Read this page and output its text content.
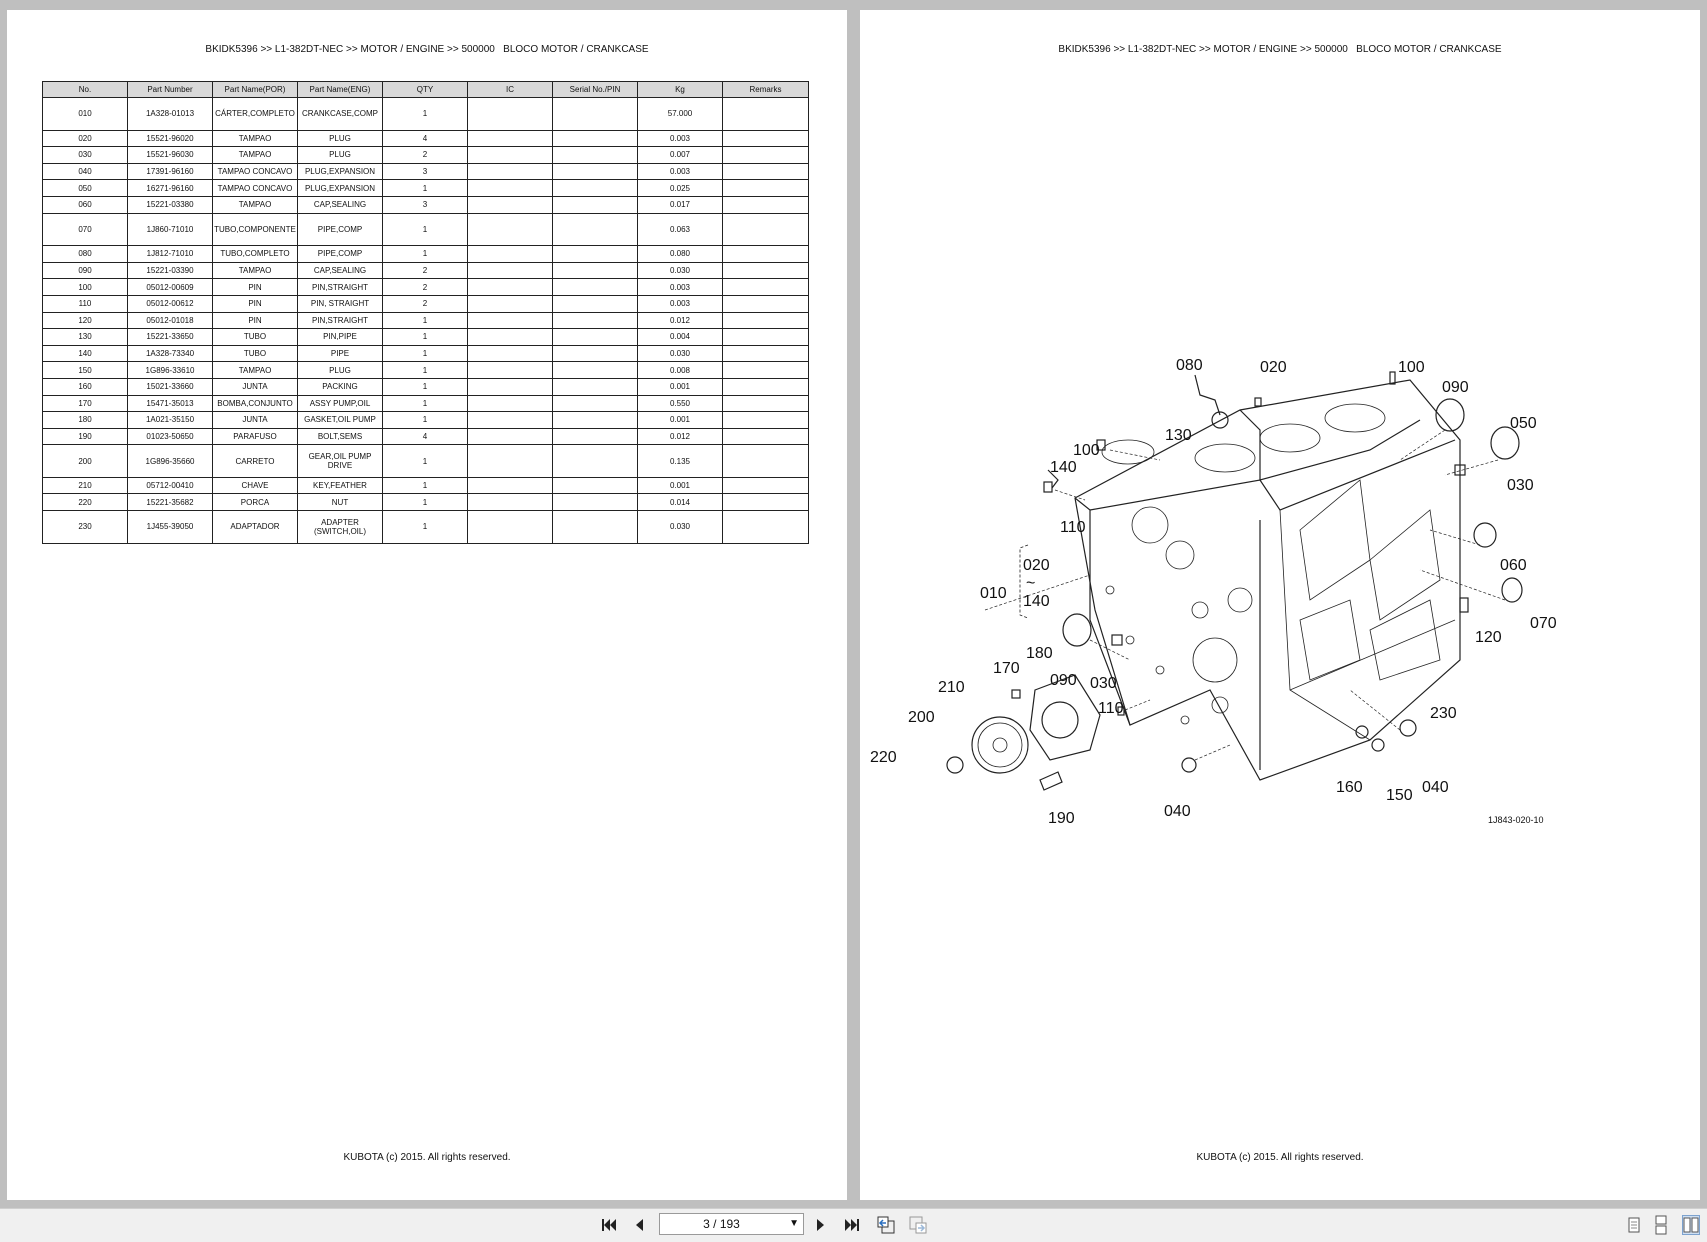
BKIDK5396 >> L1-382DT-NEC >> MOTOR / ENGINE >> 500000   BLOCO MOTOR / CRANKCASE
No.	Part Number	Part Name(POR)	Part Name(ENG)	QTY	IC	Serial No./PIN	Kg	Remarks
010	1A328-01013	CÁRTER,COMPLETO	CRANKCASE,COMP	1			57.000	
020	15521-96020	TAMPAO	PLUG	4			0.003	
030	15521-96030	TAMPAO	PLUG	2			0.007	
040	17391-96160	TAMPAO CONCAVO	PLUG,EXPANSION	3			0.003	
050	16271-96160	TAMPAO CONCAVO	PLUG,EXPANSION	1			0.025	
060	15221-03380	TAMPAO	CAP,SEALING	3			0.017	
070	1J860-71010	TUBO,COMPONENTE	PIPE,COMP	1			0.063	
080	1J812-71010	TUBO,COMPLETO	PIPE,COMP	1			0.080	
090	15221-03390	TAMPAO	CAP,SEALING	2			0.030	
100	05012-00609	PIN	PIN,STRAIGHT	2			0.003	
110	05012-00612	PIN	PIN, STRAIGHT	2			0.003	
120	05012-01018	PIN	PIN,STRAIGHT	1			0.012	
130	15221-33650	TUBO	PIN,PIPE	1			0.004	
140	1A328-73340	TUBO	PIPE	1			0.030	
150	1G896-33610	TAMPAO	PLUG	1			0.008	
160	15021-33660	JUNTA	PACKING	1			0.001	
170	15471-35013	BOMBA,CONJUNTO	ASSY PUMP,OIL	1			0.550	
180	1A021-35150	JUNTA	GASKET,OIL PUMP	1			0.001	
190	01023-50650	PARAFUSO	BOLT,SEMS	4			0.012	
200	1G896-35660	CARRETO	GEAR,OIL PUMP DRIVE	1			0.135	
210	05712-00410	CHAVE	KEY,FEATHER	1			0.001	
220	15221-35682	PORCA	NUT	1			0.014	
230	1J455-39050	ADAPTADOR	ADAPTER (SWITCH,OIL)	1			0.030	
KUBOTA (c) 2015. All rights reserved.
BKIDK5396 >> L1-382DT-NEC >> MOTOR / ENGINE >> 500000   BLOCO MOTOR / CRANKCASE
080	020	100
090
050
130
100
140
030
110
060
020
~
140
010
070
120
180
170
090 030
210
110
200	230
220
160	040
150
040
190	1J843-020-10
KUBOTA (c) 2015. All rights reserved.
3 / 193	▼
